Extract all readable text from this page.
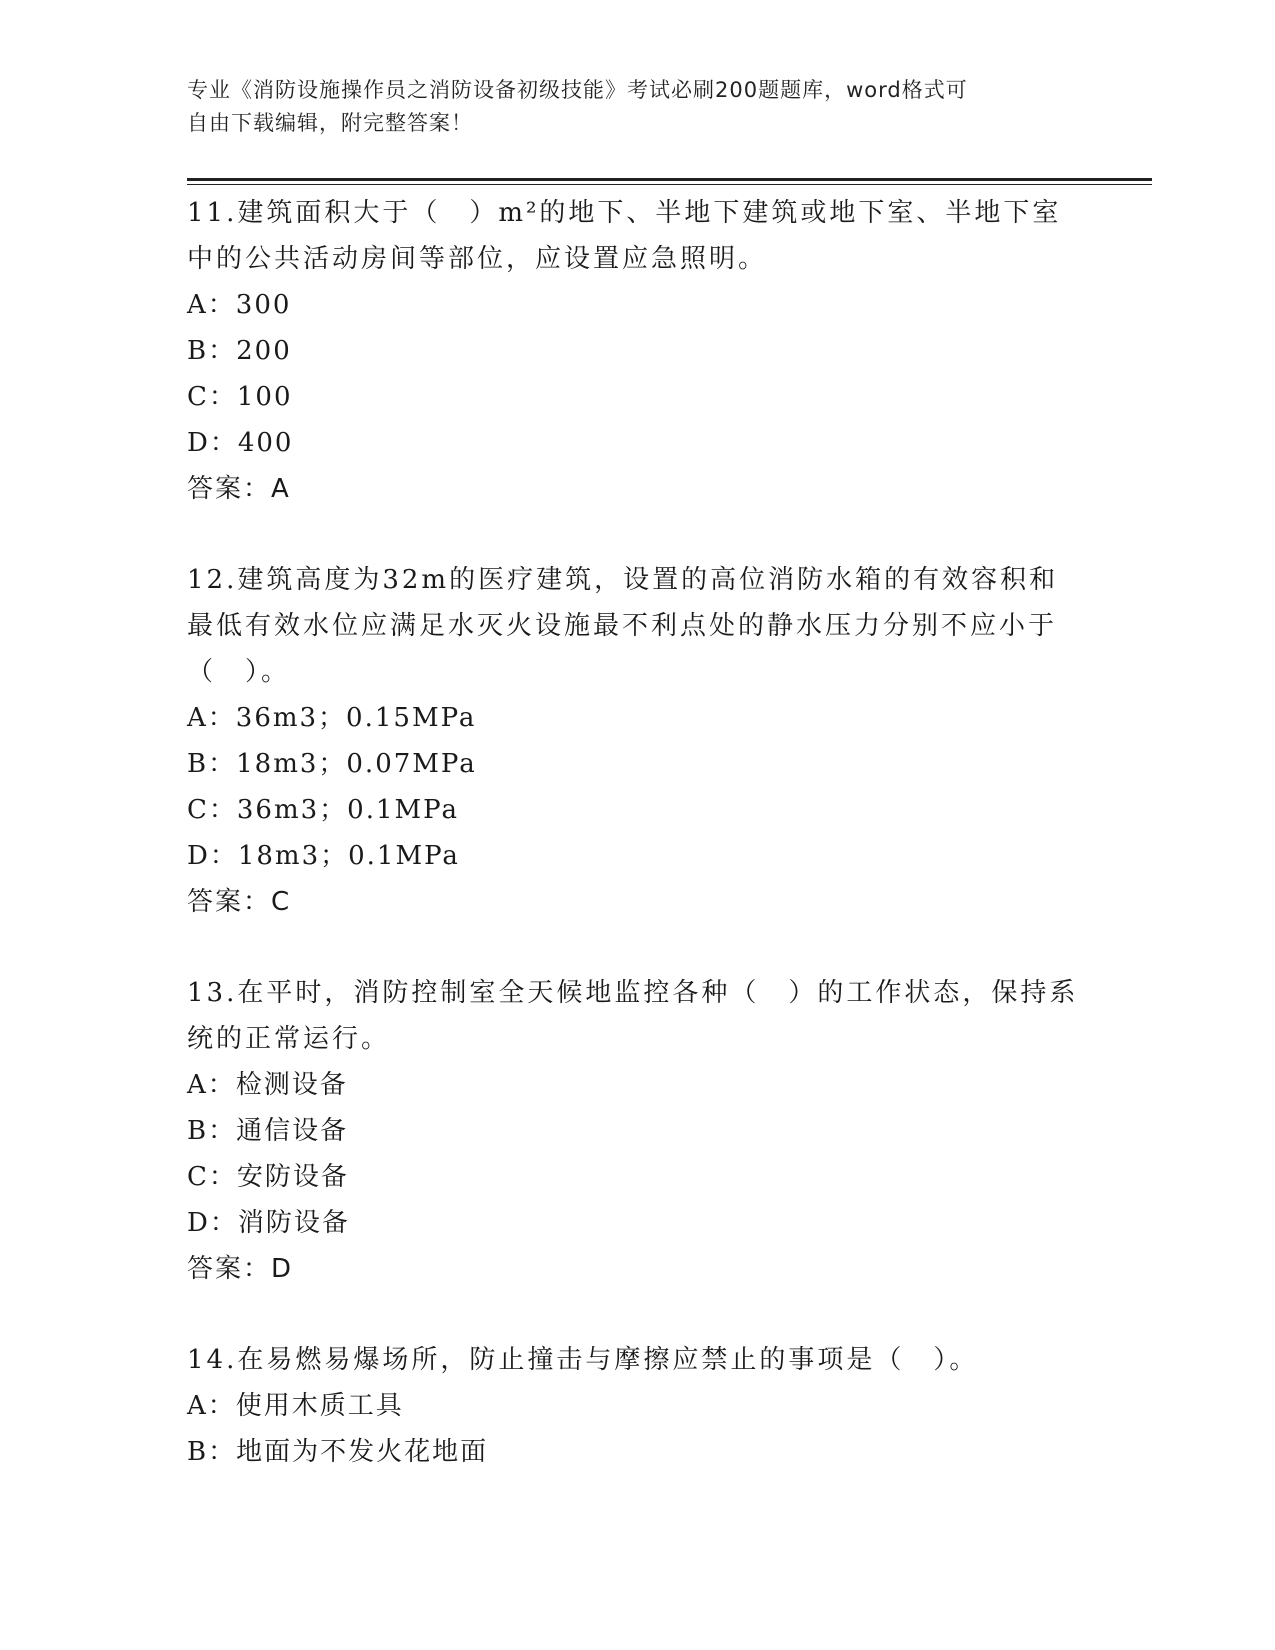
专业《消防设施操作员之消防设备初级技能》考试必刷200题题库，word格式可
自由下载编辑，附完整答案！

11.建筑面积大于（　）m²的地下、半地下建筑或地下室、半地下室中的公共活动房间等部位，应设置应急照明。

A：300

B：200

C：100

D：400

答案：A

12.建筑高度为32m的医疗建筑，设置的高位消防水箱的有效容积和最低有效水位应满足水灭火设施最不利点处的静水压力分别不应小于（　）。

A：36m3；0.15MPa

B：18m3；0.07MPa

C：36m3；0.1MPa

D：18m3；0.1MPa

答案：C

13.在平时，消防控制室全天候地监控各种（　）的工作状态，保持系统的正常运行。

A：检测设备

B：通信设备

C：安防设备

D：消防设备

答案：D

14.在易燃易爆场所，防止撞击与摩擦应禁止的事项是（　）。

A：使用木质工具

B：地面为不发火花地面
